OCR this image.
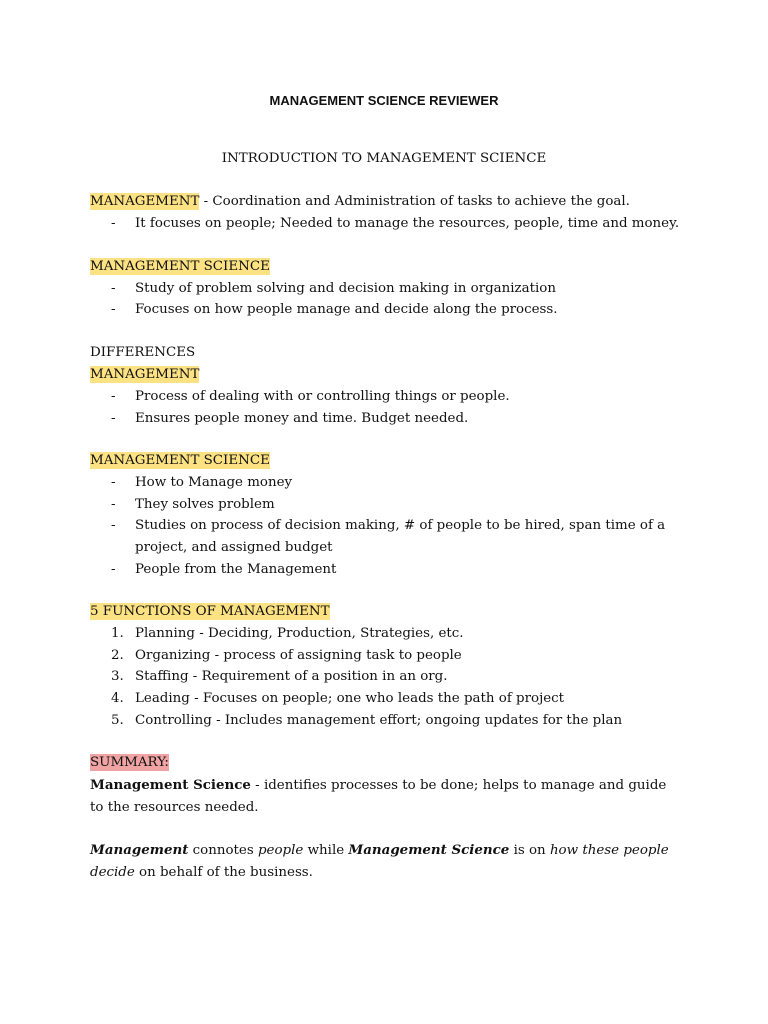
MANAGEMENT SCIENCE REVIEWER
INTRODUCTION TO MANAGEMENT SCIENCE
MANAGEMENT - Coordination and Administration of tasks to achieve the goal.
-	It focuses on people; Needed to manage the resources, people, time and money.
MANAGEMENT SCIENCE
-	Study of problem solving and decision making in organization
-	Focuses on how people manage and decide along the process.
DIFFERENCES
MANAGEMENT
-	Process of dealing with or controlling things or people.
-	Ensures people money and time. Budget needed.
MANAGEMENT SCIENCE
-	How to Manage money
-	They solves problem
-	Studies on process of decision making, # of people to be hired, span time of a
project, and assigned budget
-	People from the Management
5 FUNCTIONS OF MANAGEMENT
1. Planning - Deciding, Production, Strategies, etc.
2. Organizing - process of assigning task to people
3. Staffing - Requirement of a position in an org.
4. Leading - Focuses on people; one who leads the path of project
5. Controlling - Includes management effort; ongoing updates for the plan
SUMMARY:
Management Science - identifies processes to be done; helps to manage and guide to the resources needed.
Management connotes people while Management Science is on how these people decide on behalf of the business.
